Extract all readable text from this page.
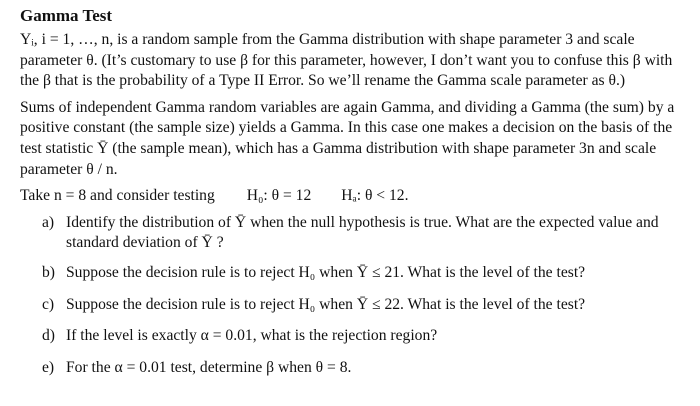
Gamma Test
Yᵢ, i = 1, …, n, is a random sample from the Gamma distribution with shape parameter 3 and scale parameter θ. (It’s customary to use β for this parameter, however, I don’t want you to confuse this β with the β that is the probability of a Type II Error. So we’ll rename the Gamma scale parameter as θ.)
Sums of independent Gamma random variables are again Gamma, and dividing a Gamma (the sum) by a positive constant (the sample size) yields a Gamma. In this case one makes a decision on the basis of the test statistic Ȳ (the sample mean), which has a Gamma distribution with shape parameter 3n and scale parameter θ / n.
Take n = 8 and consider testing H₀: θ = 12 Hₐ: θ < 12.
a) Identify the distribution of Ȳ when the null hypothesis is true. What are the expected value and standard deviation of Ȳ ?
b) Suppose the decision rule is to reject H₀ when Ȳ ≤ 21. What is the level of the test?
c) Suppose the decision rule is to reject H₀ when Ȳ ≤ 22. What is the level of the test?
d) If the level is exactly α = 0.01, what is the rejection region?
e) For the α = 0.01 test, determine β when θ = 8.
